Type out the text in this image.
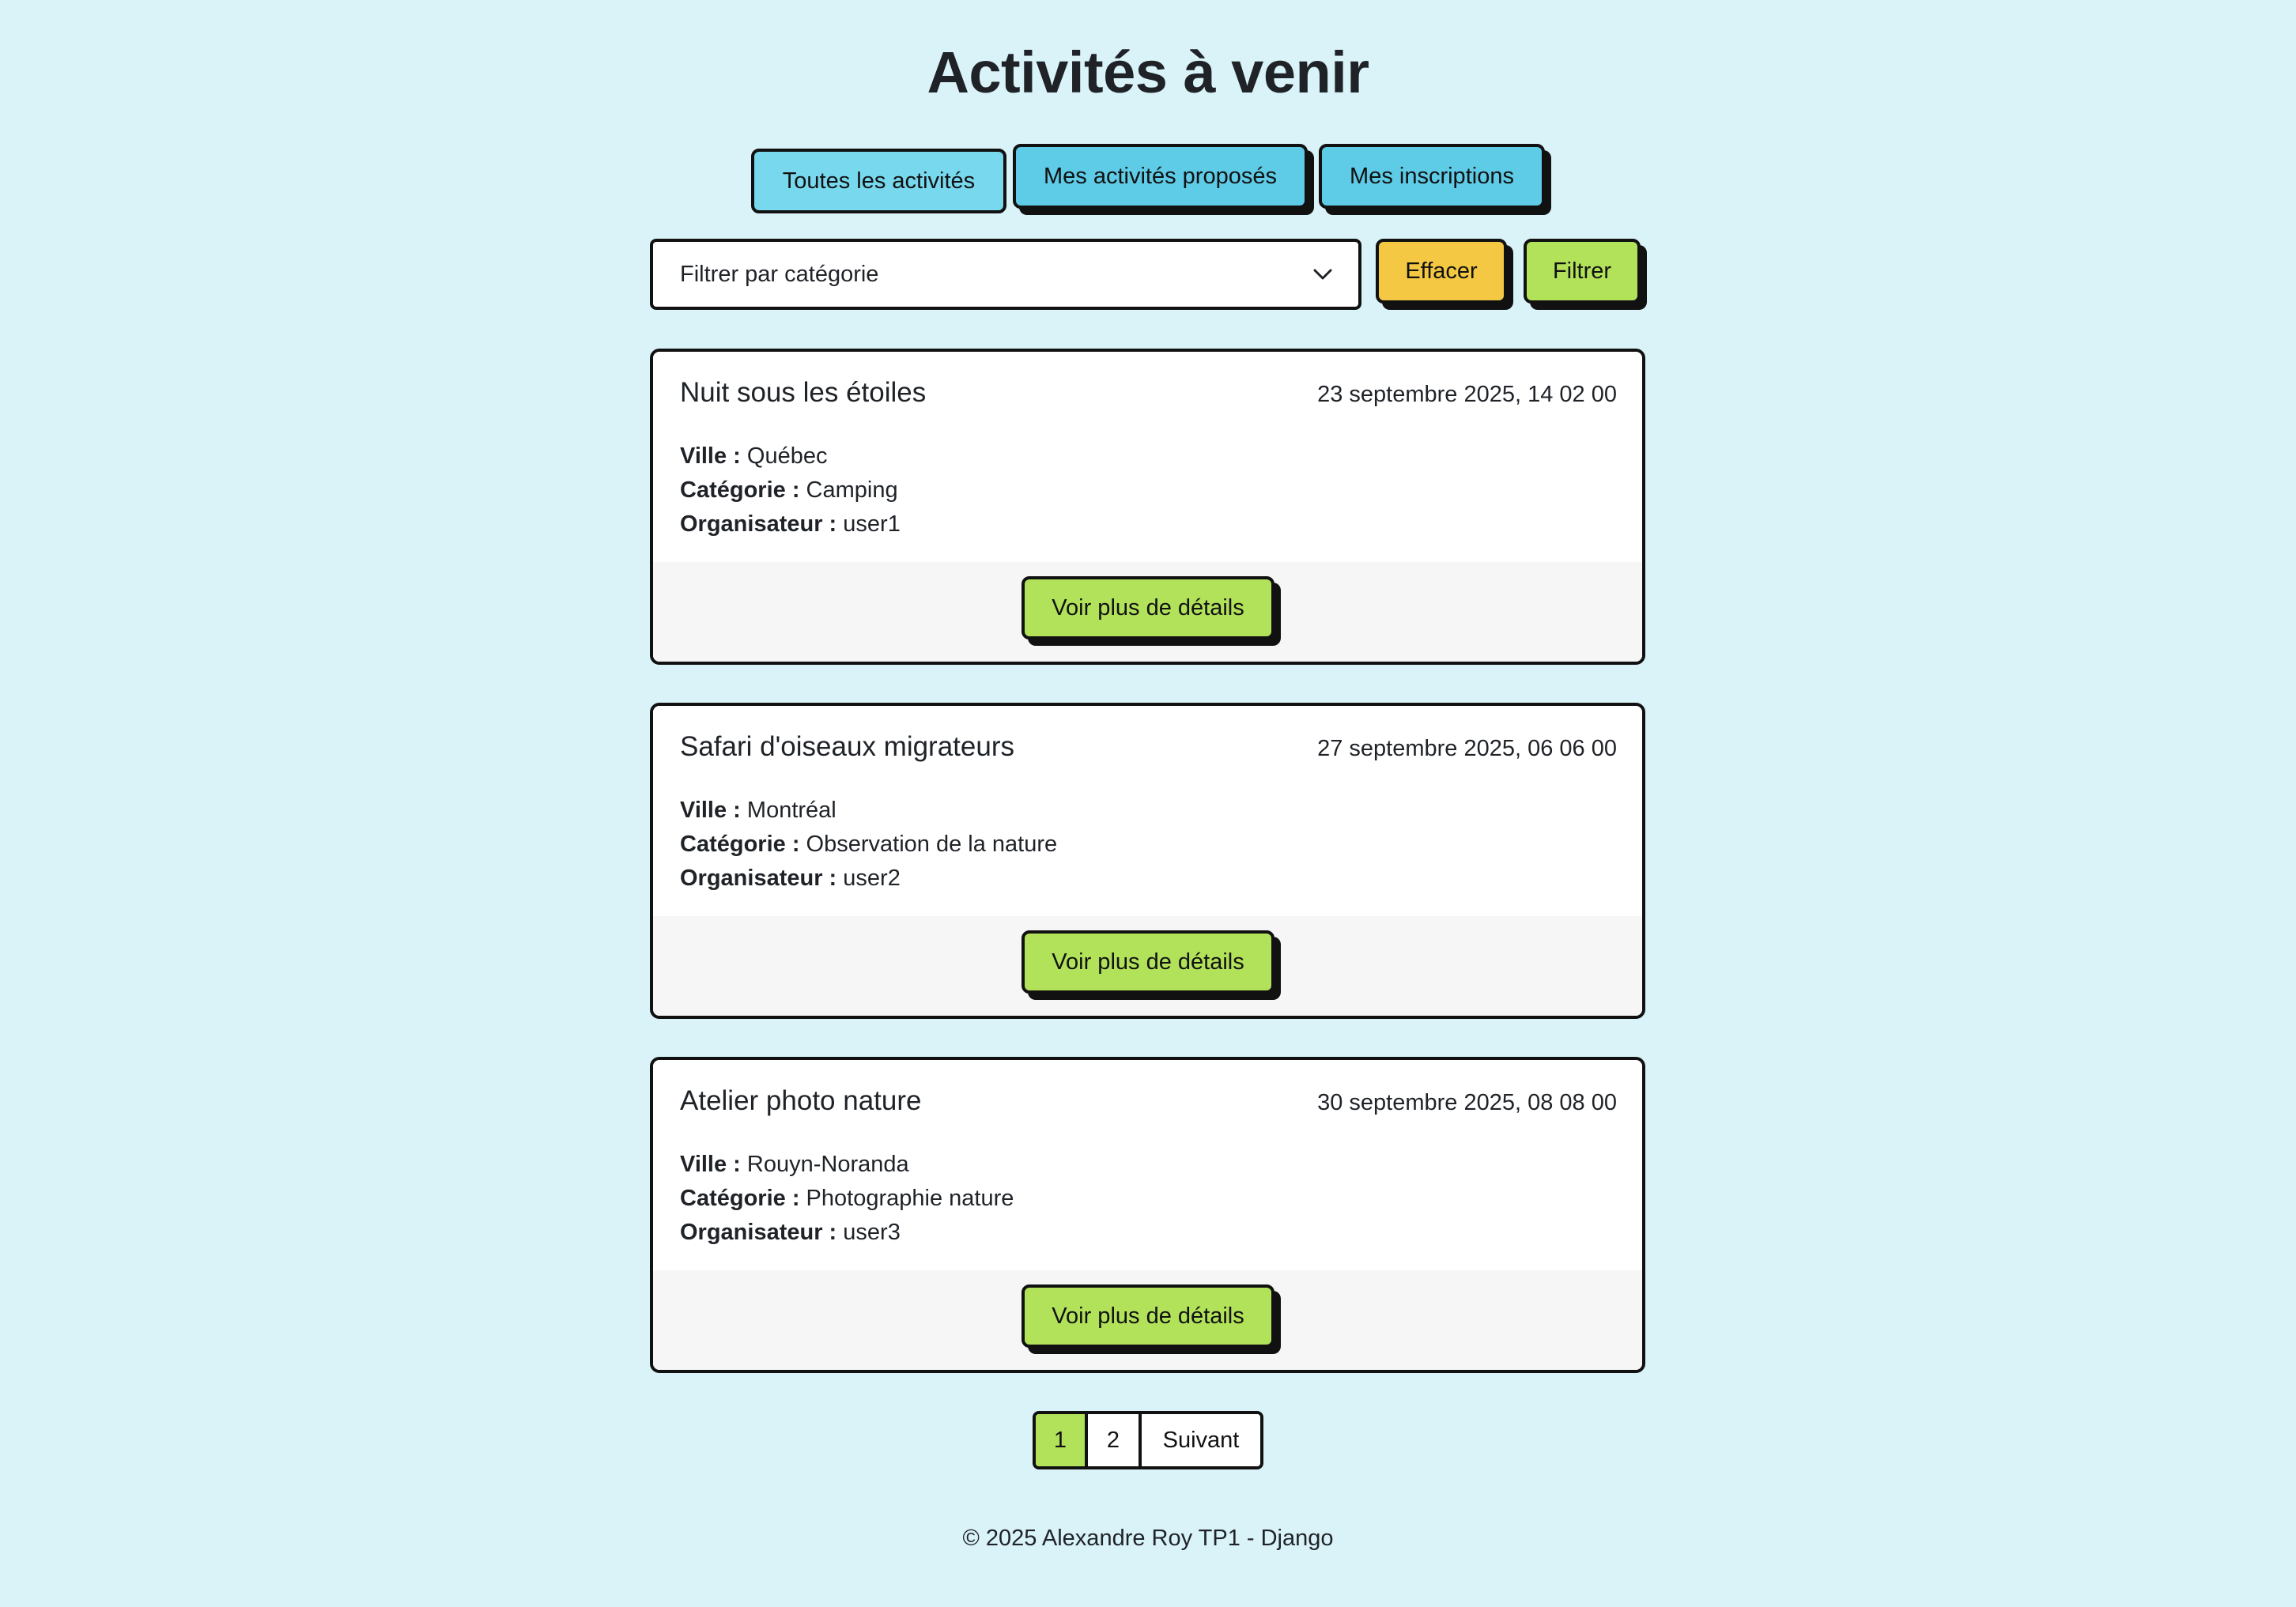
Activités à venir
Toutes les activités	Mes activités proposés	Mes inscriptions
Filtrer par catégorie	Effacer	Filtrer
Nuit sous les étoiles	23 septembre 2025, 14 02 00
Ville : Québec
Catégorie : Camping
Organisateur : user1
Voir plus de détails
Safari d'oiseaux migrateurs	27 septembre 2025, 06 06 00
Ville : Montréal
Catégorie : Observation de la nature
Organisateur : user2
Voir plus de détails
Atelier photo nature	30 septembre 2025, 08 08 00
Ville : Rouyn-Noranda
Catégorie : Photographie nature
Organisateur : user3
Voir plus de détails
1	2	Suivant
© 2025 Alexandre Roy TP1 - Django
